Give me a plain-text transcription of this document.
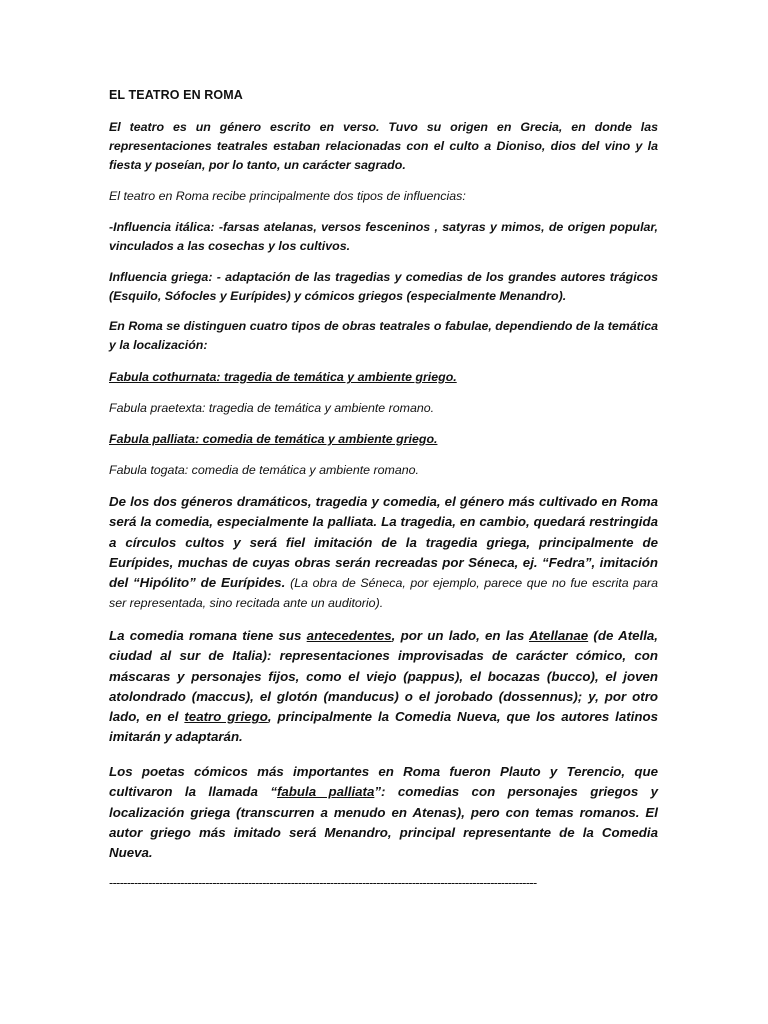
EL TEATRO EN ROMA

El teatro es un género escrito en verso. Tuvo su origen en Grecia, en donde las representaciones teatrales estaban relacionadas con el culto a Dioniso, dios del vino y la fiesta y poseían, por lo tanto, un carácter sagrado.

El teatro en Roma recibe principalmente dos tipos de influencias:

-Influencia itálica: -farsas atelanas, versos fesceninos , satyras y mimos, de origen popular, vinculados a las cosechas y los cultivos.

Influencia griega: - adaptación de las tragedias y comedias de los grandes autores trágicos (Esquilo, Sófocles y Eurípides) y cómicos griegos (especialmente Menandro).

En Roma se distinguen cuatro tipos de obras teatrales o fabulae, dependiendo de la temática y la localización:

Fabula cothurnata: tragedia de temática y ambiente griego.

Fabula praetexta: tragedia de temática y ambiente romano.

Fabula palliata: comedia de temática y ambiente griego.

Fabula togata: comedia de temática y ambiente romano.

De los dos géneros dramáticos, tragedia y comedia, el género más cultivado en Roma será la comedia, especialmente la palliata. La tragedia, en cambio, quedará restringida a círculos cultos y será fiel imitación de la tragedia griega, principalmente de Eurípides, muchas de cuyas obras serán recreadas por Séneca, ej. “Fedra”, imitación del “Hipólito” de Eurípides. (La obra de Séneca, por ejemplo, parece que no fue escrita para ser representada, sino recitada ante un auditorio).

La comedia romana tiene sus antecedentes, por un lado, en las Atellanae (de Atella, ciudad al sur de Italia): representaciones improvisadas de carácter cómico, con máscaras y personajes fijos, como el viejo (pappus), el bocazas (bucco), el joven atolondrado (maccus), el glotón (manducus) o el jorobado (dossennus); y, por otro lado, en el teatro griego, principalmente la Comedia Nueva, que los autores latinos imitarán y adaptarán.

Los poetas cómicos más importantes en Roma fueron Plauto y Terencio, que cultivaron la llamada “fabula palliata”: comedias con personajes griegos y localización griega (transcurren a menudo en Atenas), pero con temas romanos. El autor griego más imitado será Menandro, principal representante de la Comedia Nueva.

------------------------------------------------------------------------------------------------------------------------
